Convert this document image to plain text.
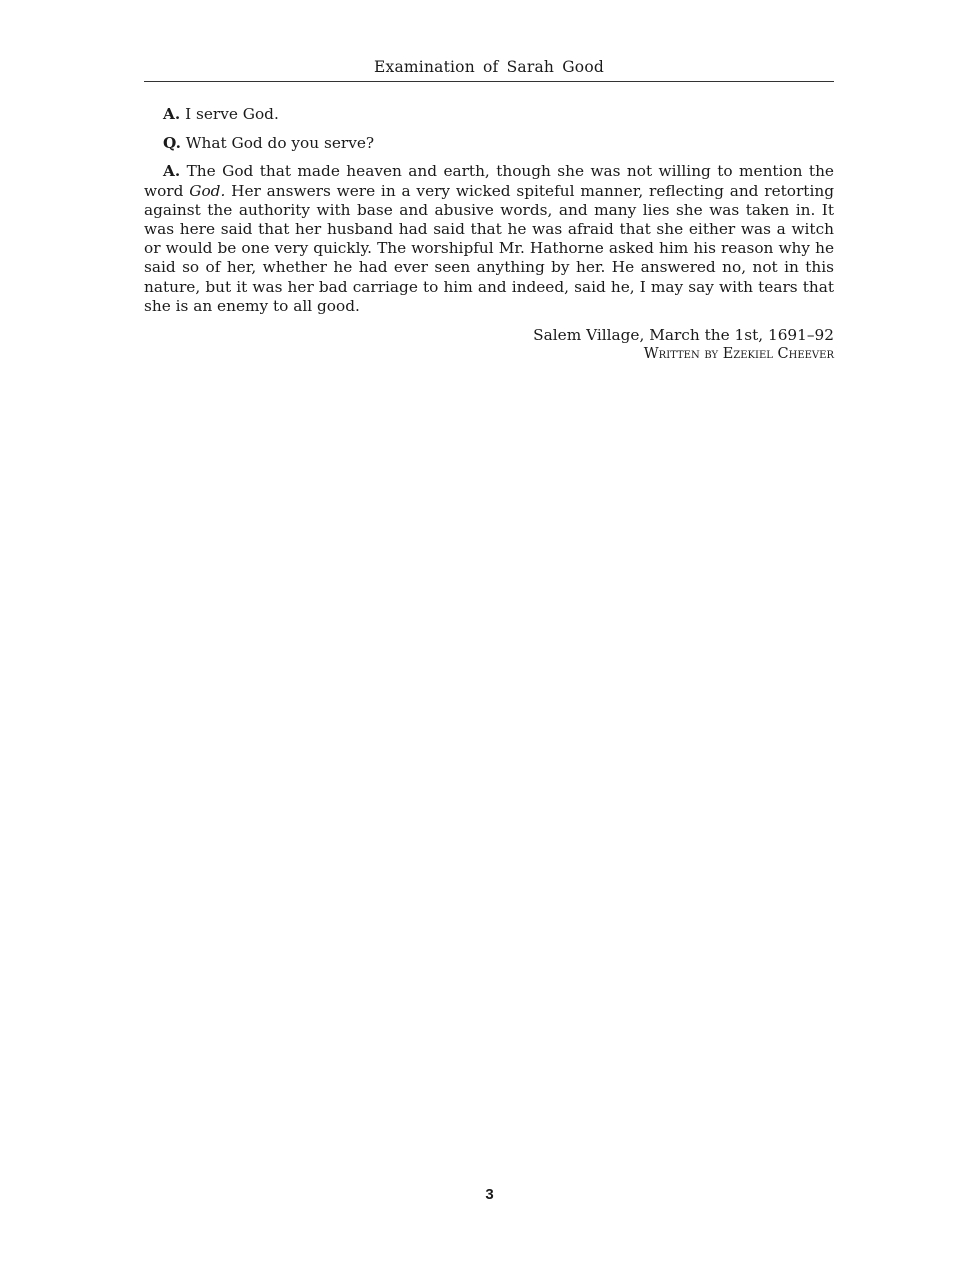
Examination of Sarah Good

A. I serve God.

Q. What God do you serve?

A. The God that made heaven and earth, though she was not willing to mention the word God. Her answers were in a very wicked spiteful manner, reflecting and retorting against the authority with base and abusive words, and many lies she was taken in. It was here said that her husband had said that he was afraid that she either was a witch or would be one very quickly. The worshipful Mr. Hathorne asked him his reason why he said so of her, whether he had ever seen anything by her. He answered no, not in this nature, but it was her bad carriage to him and indeed, said he, I may say with tears that she is an enemy to all good.

Salem Village, March the 1st, 1691–92
Written by Ezekiel Cheever
3
